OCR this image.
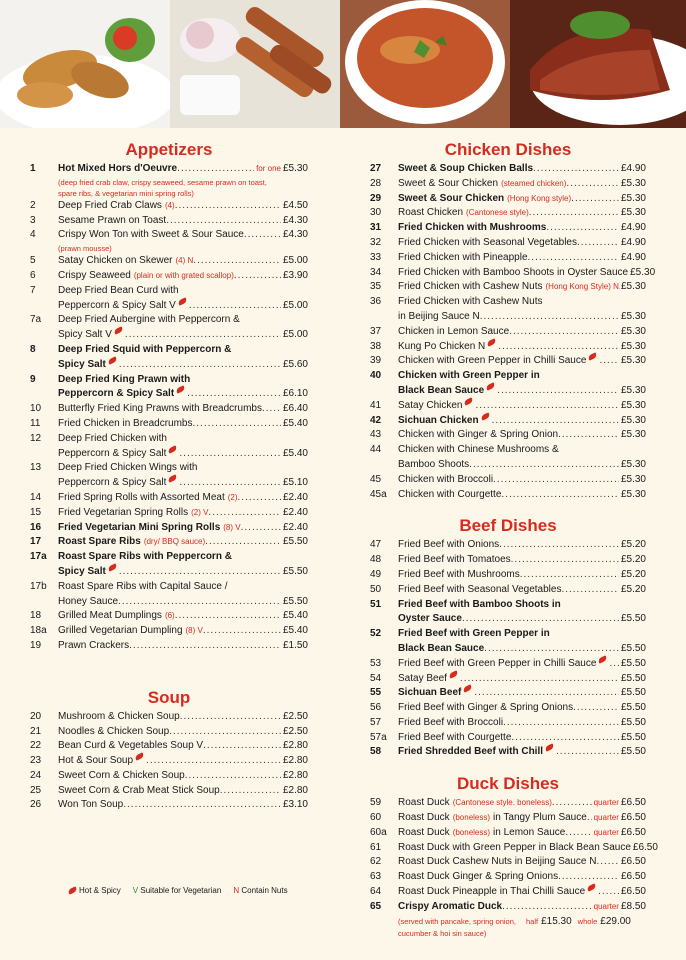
Appetizers
1	Hot Mixed Hors d'Oeuvre .....	for one £5.30
(deep fried crab claw, crispy seaweed, sesame prawn on toast,
spare ribs, & vegetarian mini spring rolls)
2	Deep Fried Crab Claws (4) .....	£4.50
3	Sesame Prawn on Toast .....	£4.30
4	Crispy Won Ton with Sweet & Sour Sauce .....	£4.30
(prawn mousse)
5	Satay Chicken on Skewer (4) N .....	£5.00
6	Crispy Seaweed (plain or with grated scallop) .....	£3.90
7	Deep Fried Bean Curd with
Peppercorn & Spicy Salt V .....	£5.00
7a	Deep Fried Aubergine with Peppercorn &
Spicy Salt V .....	£5.00
8	Deep Fried Squid with Peppercorn &
Spicy Salt .....	£5.60
9	Deep Fried King Prawn with
Peppercorn & Spicy Salt .....	£6.10
10	Butterfly Fried King Prawns with Breadcrumbs ..... £6.40
11	Fried Chicken in Breadcrumbs .....	£5.40
12	Deep Fried Chicken with
Peppercorn & Spicy Salt .....	£5.40
13	Deep Fried Chicken Wings with
Peppercorn & Spicy Salt .....	£5.10
14	Fried Spring Rolls with Assorted Meat (2) .....	£2.40
15	Fried Vegetarian Spring Rolls (2) V .....	£2.40
16	Fried Vegetarian Mini Spring Rolls (8) V .....	£2.40
17	Roast Spare Ribs (dry/ BBQ sauce) .....	£5.50
17a	Roast Spare Ribs with Peppercorn &
Spicy Salt .....	£5.50
17b	Roast Spare Ribs with Capital Sauce /
Honey Sauce .....	£5.50
18	Grilled Meat Dumplings (6) .....	£5.40
18a	Grilled Vegetarian Dumpling (8) V .....	£5.40
19	Prawn Crackers .....	£1.50
Soup
20	Mushroom & Chicken Soup .....	£2.50
21	Noodles & Chicken Soup .....	£2.50
22	Bean Curd & Vegetables Soup V .....	£2.80
23	Hot & Sour Soup .....	£2.80
24	Sweet Corn & Chicken Soup .....	£2.80
25	Sweet Corn & Crab Meat Stick Soup .....	£2.80
26	Won Ton Soup .....	£3.10
Chicken Dishes
27	Sweet & Soup Chicken Balls .....	£4.90
28	Sweet & Sour Chicken (steamed chicken) .....	£5.30
29	Sweet & Sour Chicken (Hong Kong style) .....	£5.30
30	Roast Chicken (Cantonese style) .....	£5.30
31	Fried Chicken with Mushrooms .....	£4.90
32	Fried Chicken with Seasonal Vegetables .....	£4.90
33	Fried Chicken with Pineapple .....	£4.90
34	Fried Chicken with Bamboo Shoots in Oyster Sauce £5.30
35	Fried Chicken with Cashew Nuts (Hong Kong Style) N ..... £5.30
36	Fried Chicken with Cashew Nuts
in Beijing Sauce N .....	£5.30
37	Chicken in Lemon Sauce .....	£5.30
38	Kung Po Chicken N .....	£5.30
39	Chicken with Green Pepper in Chilli Sauce .....	£5.30
40	Chicken with Green Pepper in
Black Bean Sauce .....	£5.30
41	Satay Chicken .....	£5.30
42	Sichuan Chicken .....	£5.30
43	Chicken with Ginger & Spring Onion .....	£5.30
44	Chicken with Chinese Mushrooms &
Bamboo Shoots .....	£5.30
45	Chicken with Broccoli .....	£5.30
45a	Chicken with Courgette .....	£5.30
Beef Dishes
47	Fried Beef with Onions .....	£5.20
48	Fried Beef with Tomatoes .....	£5.20
49	Fried Beef with Mushrooms .....	£5.20
50	Fried Beef with Seasonal Vegetables .....	£5.20
51	Fried Beef with Bamboo Shoots in
Oyster Sauce .....	£5.50
52	Fried Beef with Green Pepper in
Black Bean Sauce .....	£5.50
53	Fried Beef with Green Pepper in Chilli Sauce ..... £5.50
54	Satay Beef .....	£5.50
55	Sichuan Beef .....	£5.50
56	Fried Beef with Ginger & Spring Onions .....	£5.50
57	Fried Beef with Broccoli .....	£5.50
57a	Fried Beef with Courgette .....	£5.50
58	Fried Shredded Beef with Chill .....	£5.50
Duck Dishes
59	Roast Duck (Cantonese style. boneless) .....	quarter £6.50
60	Roast Duck (boneless) in Tangy Plum Sauce ..... quarter £6.50
60a	Roast Duck (boneless) in Lemon Sauce .....	quarter £6.50
61	Roast Duck with Green Pepper in Black Bean Sauce £6.50
62	Roast Duck Cashew Nuts in Beijing Sauce N ..... £6.50
63	Roast Duck Ginger & Spring Onions .....	£6.50
64	Roast Duck Pineapple in Thai Chilli Sauce .....	£6.50
65	Crispy Aromatic Duck .....	quarter £8.50
(served with pancake, spring onion, half £15.30 whole £29.00
cucumber & hoi sin sauce)
Hot & Spicy V Suitable for Vegetarian N Contain Nuts
